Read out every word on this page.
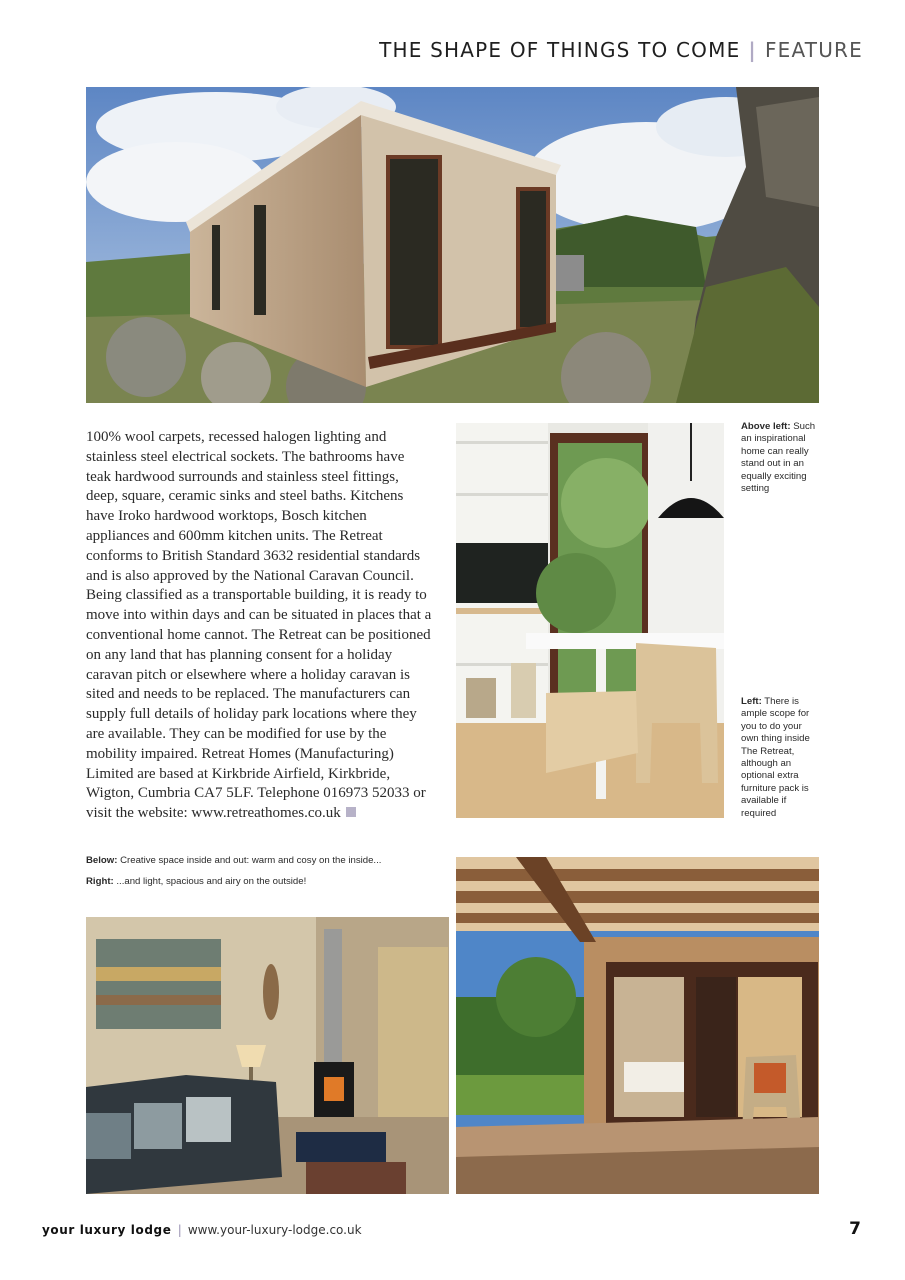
THE SHAPE OF THINGS TO COME | FEATURE
100% wool carpets, recessed halogen lighting and stainless steel electrical sockets. The bathrooms have teak hardwood surrounds and stainless steel fittings, deep, square, ceramic sinks and steel baths. Kitchens have Iroko hardwood worktops, Bosch kitchen appliances and 600mm kitchen units. The Retreat conforms to British Standard 3632 residential standards and is also approved by the National Caravan Council. Being classified as a transportable building, it is ready to move into within days and can be situated in places that a conventional home cannot. The Retreat can be positioned on any land that has planning consent for a holiday caravan pitch or elsewhere where a holiday caravan is sited and needs to be replaced. The manufacturers can supply full details of holiday park locations where they are available. They can be modified for use by the mobility impaired. Retreat Homes (Manufacturing) Limited are based at Kirkbride Airfield, Kirkbride, Wigton, Cumbria CA7 5LF. Telephone 016973 52033 or visit the website: www.retreathomes.co.uk
Above left: Such an inspirational home can really stand out in an equally exciting setting
Left: There is ample scope for you to do your own thing inside The Retreat, although an optional extra furniture pack is available if required
Below: Creative space inside and out: warm and cosy on the inside...
Right: ...and light, spacious and airy on the outside!
your luxury lodge | www.your-luxury-lodge.co.uk	7
